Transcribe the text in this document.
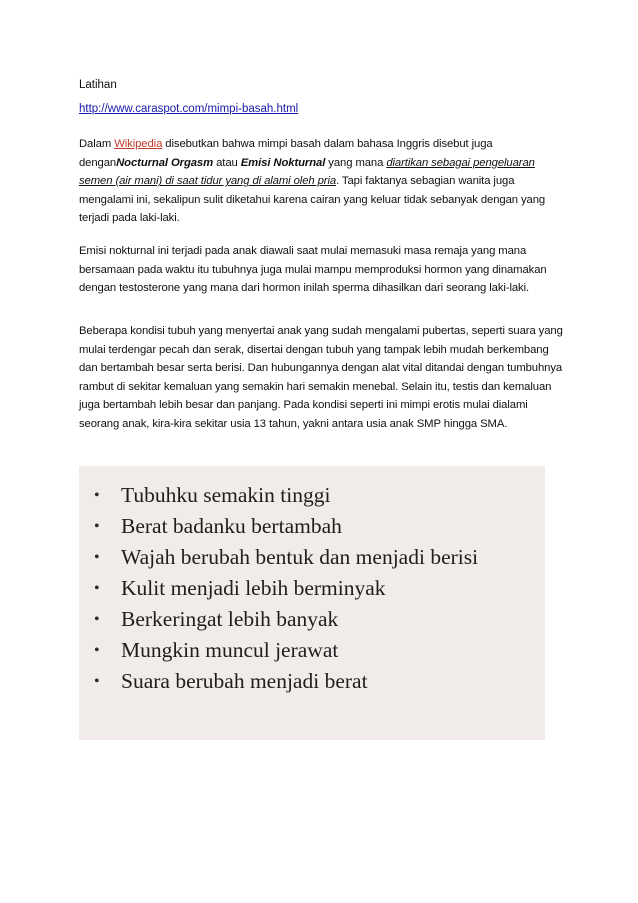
Latihan
http://www.caraspot.com/mimpi-basah.html
Dalam Wikipedia disebutkan bahwa mimpi basah dalam bahasa Inggris disebut juga denganNocturnal Orgasm atau Emisi Nokturnal yang mana diartikan sebagai pengeluaran semen (air mani) di saat tidur yang di alami oleh pria. Tapi faktanya sebagian wanita juga mengalami ini, sekalipun sulit diketahui karena cairan yang keluar tidak sebanyak dengan yang terjadi pada laki-laki.
Emisi nokturnal ini terjadi pada anak diawali saat mulai memasuki masa remaja yang mana bersamaan pada waktu itu tubuhnya juga mulai mampu memproduksi hormon yang dinamakan dengan testosterone yang mana dari hormon inilah sperma dihasilkan dari seorang laki-laki.
Beberapa kondisi tubuh yang menyertai anak yang sudah mengalami pubertas, seperti suara yang mulai terdengar pecah dan serak, disertai dengan tubuh yang tampak lebih mudah berkembang dan bertambah besar serta berisi. Dan hubungannya dengan alat vital ditandai dengan tumbuhnya rambut di sekitar kemaluan yang semakin hari semakin menebal. Selain itu, testis dan kemaluan juga bertambah lebih besar dan panjang. Pada kondisi seperti ini mimpi erotis mulai dialami seorang anak, kira-kira sekitar usia 13 tahun, yakni antara usia anak SMP hingga SMA.
• Tubuhku semakin tinggi
• Berat badanku bertambah
• Wajah berubah bentuk dan menjadi berisi
• Kulit menjadi lebih berminyak
• Berkeringat lebih banyak
• Mungkin muncul jerawat
• Suara berubah menjadi berat
